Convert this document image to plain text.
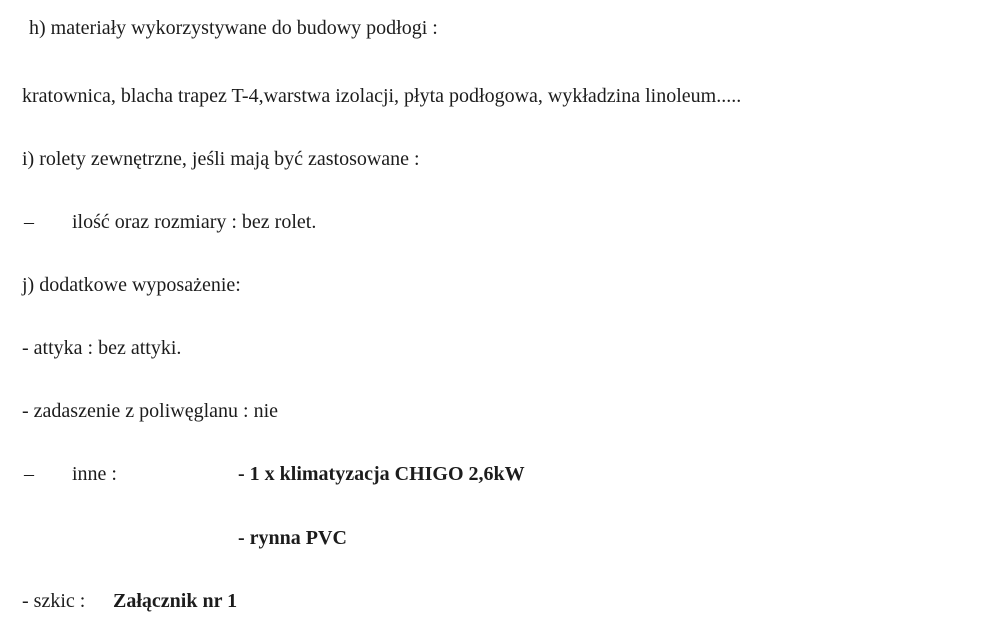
h) materiały wykorzystywane do budowy podłogi :
kratownica, blacha trapez T-4,warstwa izolacji, płyta podłogowa, wykładzina linoleum.....
i) rolety zewnętrzne, jeśli mają być zastosowane :
– ilość oraz rozmiary : bez rolet.
j) dodatkowe wyposażenie:
- attyka : bez attyki.
- zadaszenie z poliwęglanu : nie
– inne :	- 1 x klimatyzacja CHIGO 2,6kW
- rynna PVC
- szkic : Załącznik nr 1
